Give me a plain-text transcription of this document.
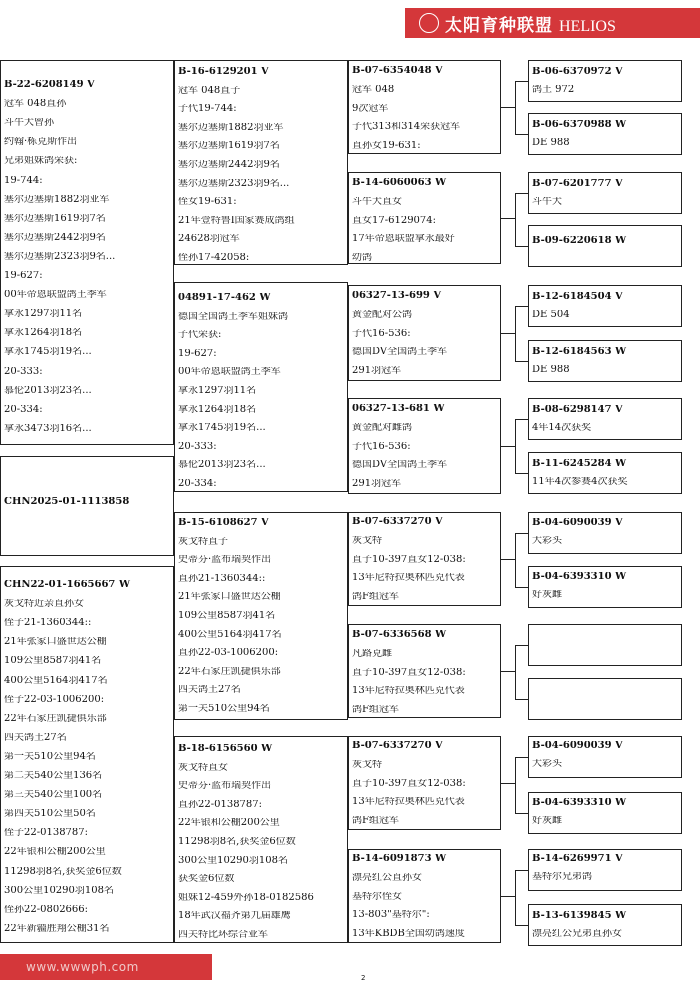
太阳育种联盟 HELIOS
B-22-6208149 V
冠军 048直孙
斗牛犬曾孙
约翰·栋克斯作出
兄弟姐妹鸽荣获:
19-744:
塞尔迈塞斯1882羽亚军
塞尔迈塞斯1619羽7名
塞尔迈塞斯2442羽9名
塞尔迈塞斯2323羽9名...
19-627:
00年帝恩联盟鸽王季军
拿永1297羽11名
拿永1264羽18名
拿永1745羽19名...
20-333:
慕伦2013羽23名...
20-334:
拿永3473羽16名...
CHN2025-01-1113858
CHN22-01-1665667 W
灰戈特近亲直孙女
侄子21-1360344::
21年张家口盛世达公棚
109公里8587羽41名
400公里5164羽417名
侄子22-03-1006200:
22年石家庄凯捷俱乐部
四关鸽王27名
第一关510公里94名
第二关540公里136名
第三关540公里100名
第四关510公里50名
侄子22-0138787:
22年银和公棚200公里
11298羽8名,获奖金6位数
300公里10290羽108名
侄孙22-0802666:
22年新疆胜翔公棚31名
B-16-6129201 V
冠军 048直子
子代19-744:
塞尔迈塞斯1882羽亚军
塞尔迈塞斯1619羽7名
塞尔迈塞斯2442羽9名
塞尔迈塞斯2323羽9名...
侄女19-631:
21年壹特鲁I国家赛成鸽组
24628羽冠军
侄孙17-42058:
04891-17-462 W
德国全国鸽王季军姐妹鸽
子代荣获:
19-627:
00年帝恩联盟鸽王季军
拿永1297羽11名
拿永1264羽18名
拿永1745羽19名...
20-333:
慕伦2013羽23名...
20-334:
B-15-6108627 V
灰戈特直子
史蒂芬·蓝布瑞契作出
直孙21-1360344::
21年张家口盛世达公棚
109公里8587羽41名
400公里5164羽417名
直孙22-03-1006200:
22年石家庄凯捷俱乐部
四关鸽王27名
第一关510公里94名
B-18-6156560 W
灰戈特直女
史蒂芬·蓝布瑞契作出
直孙22-0138787:
22年银和公棚200公里
11298羽8名,获奖金6位数
300公里10290羽108名
获奖金6位数
姐妹12-459外孙18-0182586
18年武汉福齐第九届雄鹰
四关特比环综合亚军
B-07-6354048 V
冠军 048
9次冠军
子代313和314荣获冠军
直孙女19-631:
B-14-6060063 W
斗牛犬直女
直女17-6129074:
17年帝恩联盟拿永最好
幼鸽
06327-13-699 V
黄金配对公鸽
子代16-536:
德国DV全国鸽王季军
291羽冠军
06327-13-681 W
黄金配对雌鸽
子代16-536:
德国DV全国鸽王季军
291羽冠军
B-07-6337270 V
灰戈特
直子10-397直女12-038:
13年尼特拉奥林匹克代表
鸽F组冠军
B-07-6336568 W
凡路克雌
直子10-397直女12-038:
13年尼特拉奥林匹克代表
鸽F组冠军
B-07-6337270 V
灰戈特
直子10-397直女12-038:
13年尼特拉奥林匹克代表
鸽F组冠军
B-14-6091873 W
漂亮红公直孙女
基特尔侄女
13-803"基特尔":
13年KBDB全国幼鸽速度
B-06-6370972 V
鸽王 972
B-06-6370988 W
DE 988
B-07-6201777 V
斗牛犬
B-09-6220618 W
B-12-6184504 V
DE 504
B-12-6184563 W
DE 988
B-08-6298147 V
4年14次获奖
B-11-6245284 W
11年4次参赛4次获奖
B-04-6090039 V
大彩头
B-04-6393310 W
好灰雌
B-04-6090039 V
大彩头
B-04-6393310 W
好灰雌
B-14-6269971 V
基特尔兄弟鸽
B-13-6139845 W
漂亮红公兄弟直孙女
www.wwwph.com
2
